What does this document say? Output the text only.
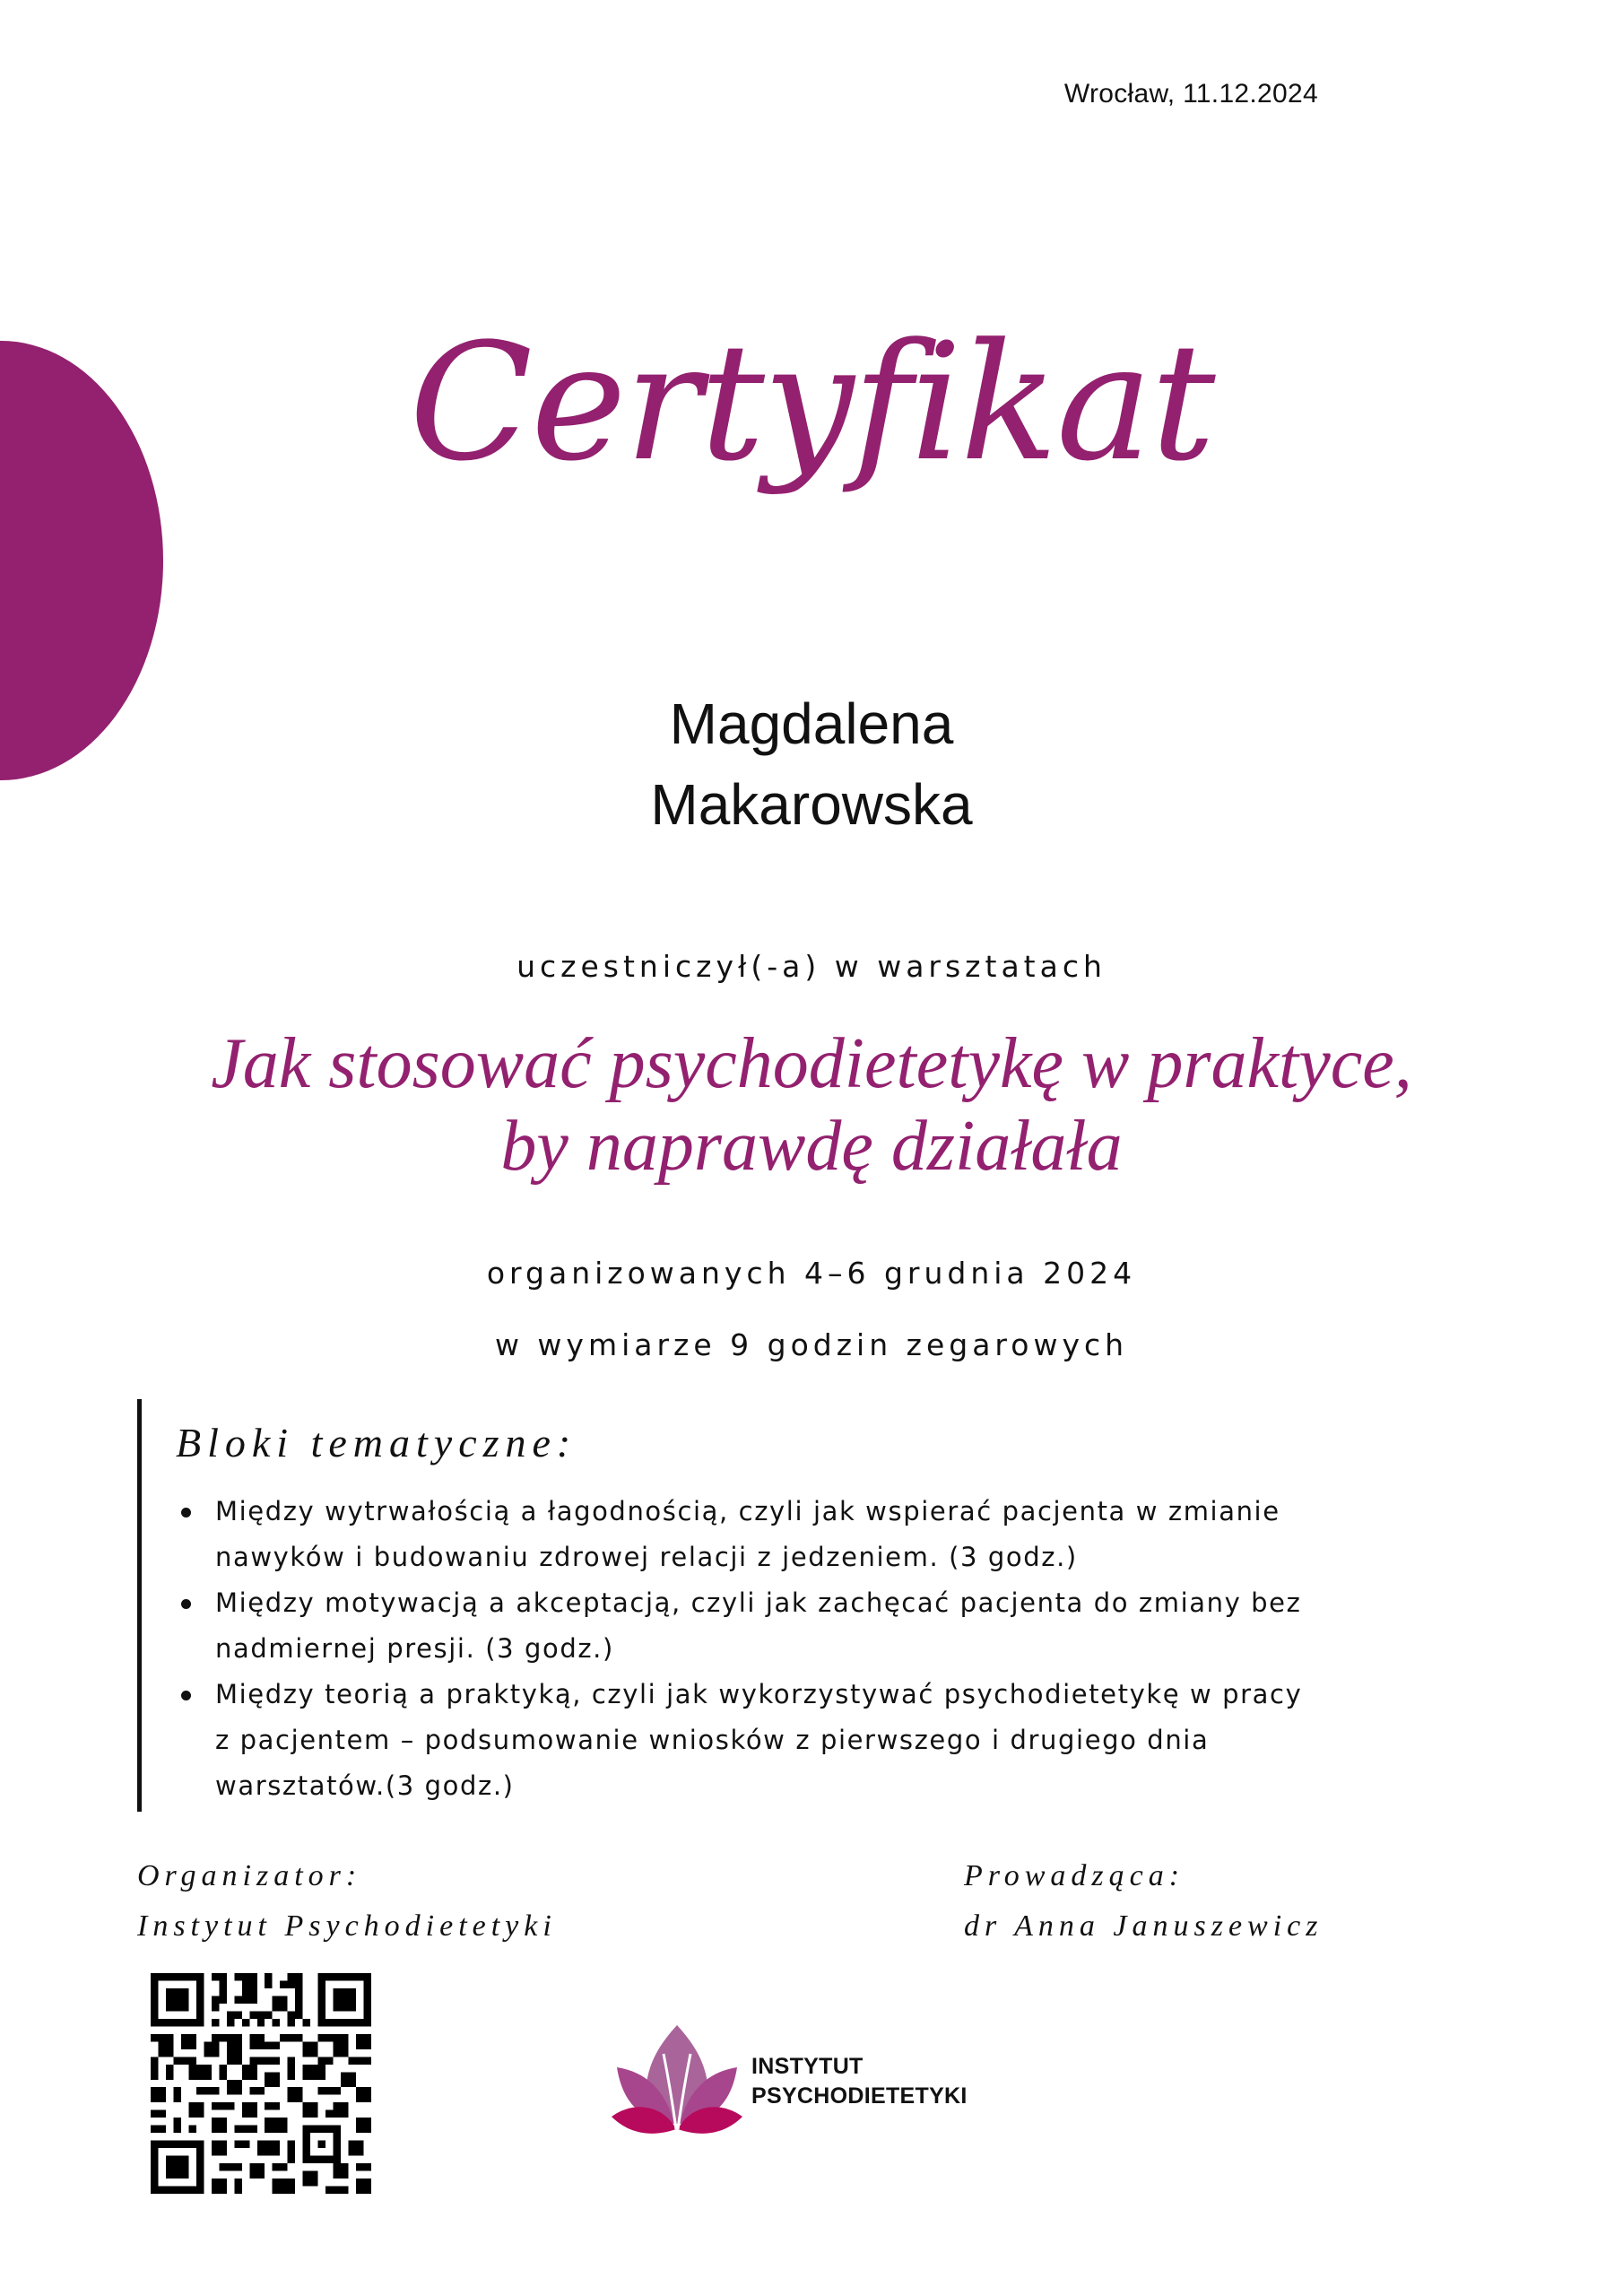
Wrocław, 11.12.2024
Certyfikat
Magdalena
Makarowska
uczestniczył(-a) w warsztatach
Jak stosować psychodietetykę w praktyce,
by naprawdę działała
organizowanych 4–6 grudnia 2024
w wymiarze 9 godzin zegarowych
Bloki tematyczne:
Między wytrwałością a łagodnością, czyli jak wspierać pacjenta w zmianie
nawyków i budowaniu zdrowej relacji z jedzeniem. (3 godz.)
Między motywacją a akceptacją, czyli jak zachęcać pacjenta do zmiany bez
nadmiernej presji. (3 godz.)
Między teorią a praktyką, czyli jak wykorzystywać psychodietetykę w pracy
z pacjentem – podsumowanie wniosków z pierwszego i drugiego dnia
warsztatów.(3 godz.)
Organizator:
Instytut Psychodietetyki
Prowadząca:
dr Anna Januszewicz
INSTYTUT
PSYCHODIETETYKI
